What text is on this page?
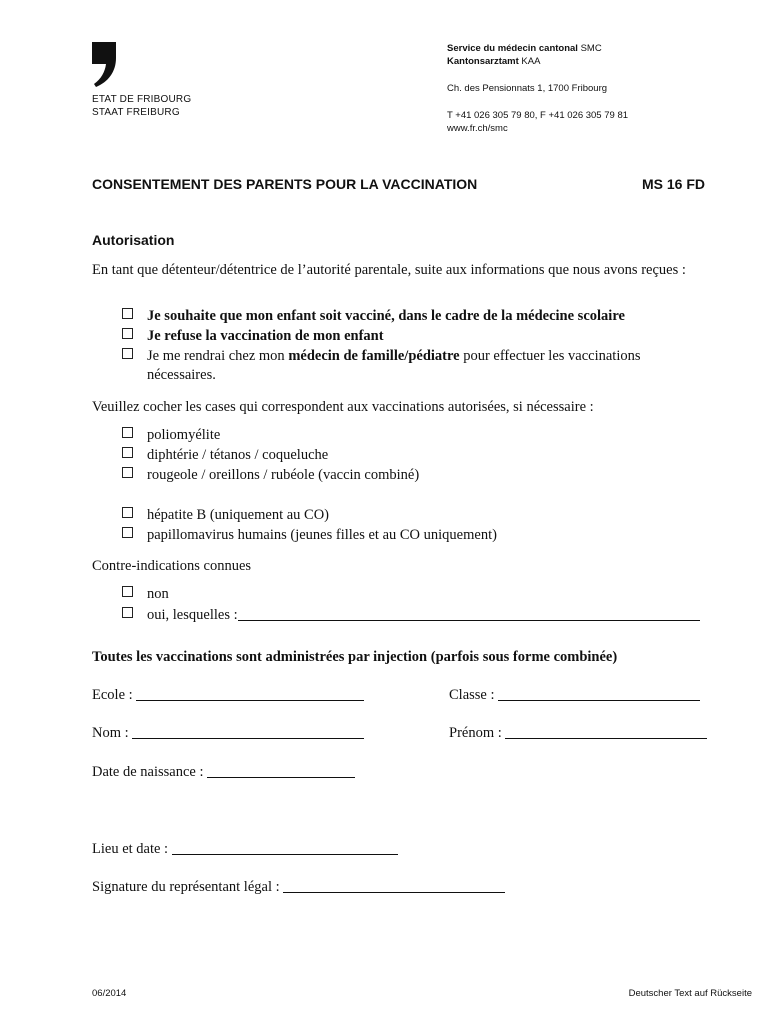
ETAT DE FRIBOURG
STAAT FREIBURG
Service du médecin cantonal SMC
Kantonsarztamt KAA
Ch. des Pensionnats 1, 1700 Fribourg
T +41 026 305 79 80, F +41 026 305 79 81
www.fr.ch/smc
CONSENTEMENT DES PARENTS POUR LA VACCINATION	MS 16 FD
Autorisation
En tant que détenteur/détentrice de l’autorité parentale, suite aux informations que nous avons reçues :
Je souhaite que mon enfant soit vacciné, dans le cadre de la médecine scolaire
Je refuse la vaccination de mon enfant
Je me rendrai chez mon médecin de famille/pédiatre pour effectuer les vaccinations nécessaires.
Veuillez cocher les cases qui correspondent aux vaccinations autorisées, si nécessaire :
poliomyélite
diphtérie / tétanos / coqueluche
rougeole / oreillons / rubéole (vaccin combiné)
hépatite B (uniquement au CO)
papillomavirus humains (jeunes filles et au CO uniquement)
Contre-indications connues
non
oui, lesquelles :
Toutes les vaccinations sont administrées par injection (parfois sous forme combinée)
Ecole :	Classe :
Nom :	Prénom :
Date de naissance :
Lieu et date :
Signature du représentant légal :
06/2014	Deutscher Text auf Rückseite
